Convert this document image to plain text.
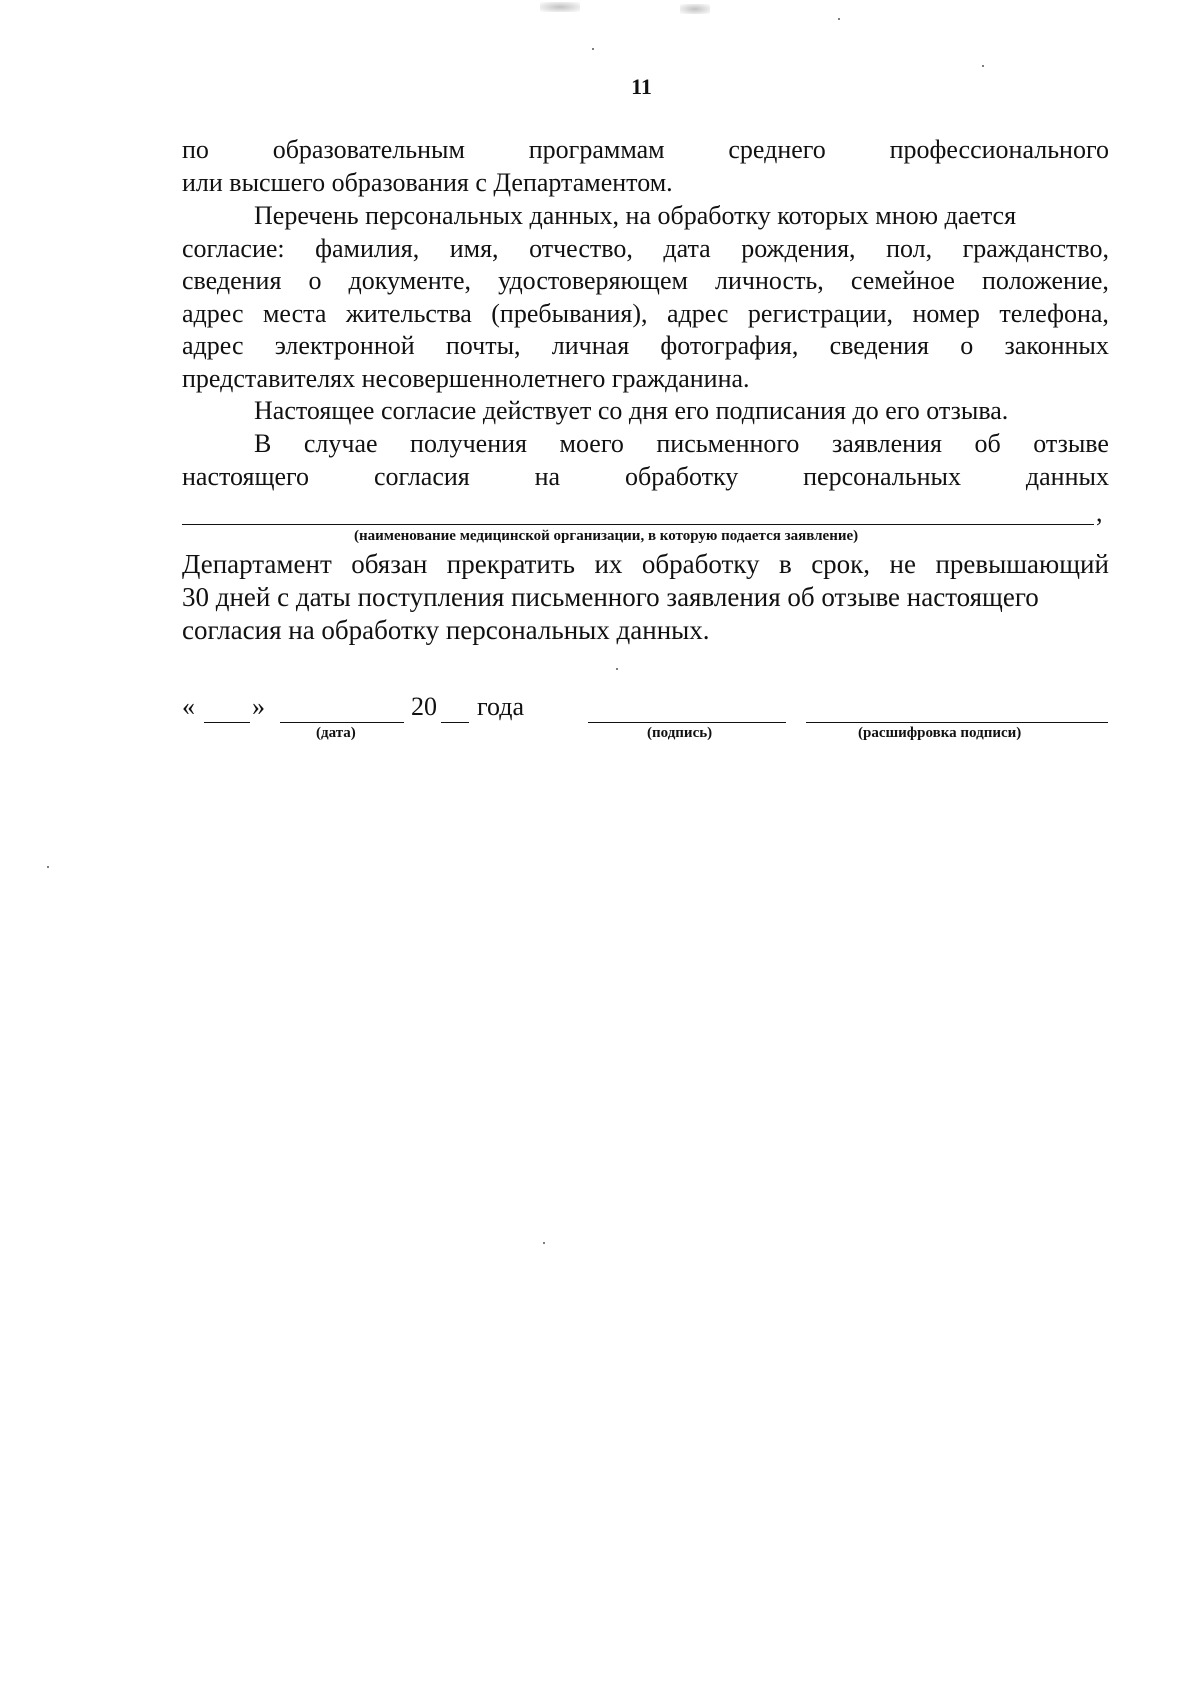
11
по образовательным программам среднего профессионального
или высшего образования с Департаментом.
Перечень персональных данных, на обработку которых мною дается
согласие: фамилия, имя, отчество, дата рождения, пол, гражданство,
сведения о документе, удостоверяющем личность, семейное положение,
адрес места жительства (пребывания), адрес регистрации, номер телефона,
адрес электронной почты, личная фотография, сведения о законных
представителях несовершеннолетнего гражданина.
Настоящее согласие действует со дня его подписания до его отзыва.
В случае получения моего письменного заявления об отзыве
настоящего согласия на обработку персональных данных
,
(наименование медицинской организации, в которую подается заявление)
Департамент обязан прекратить их обработку в срок, не превышающий
30 дней с даты поступления письменного заявления об отзыве настоящего
согласия на обработку персональных данных.
« »	20 года
(дата)	(подпись)	(расшифровка подписи)
